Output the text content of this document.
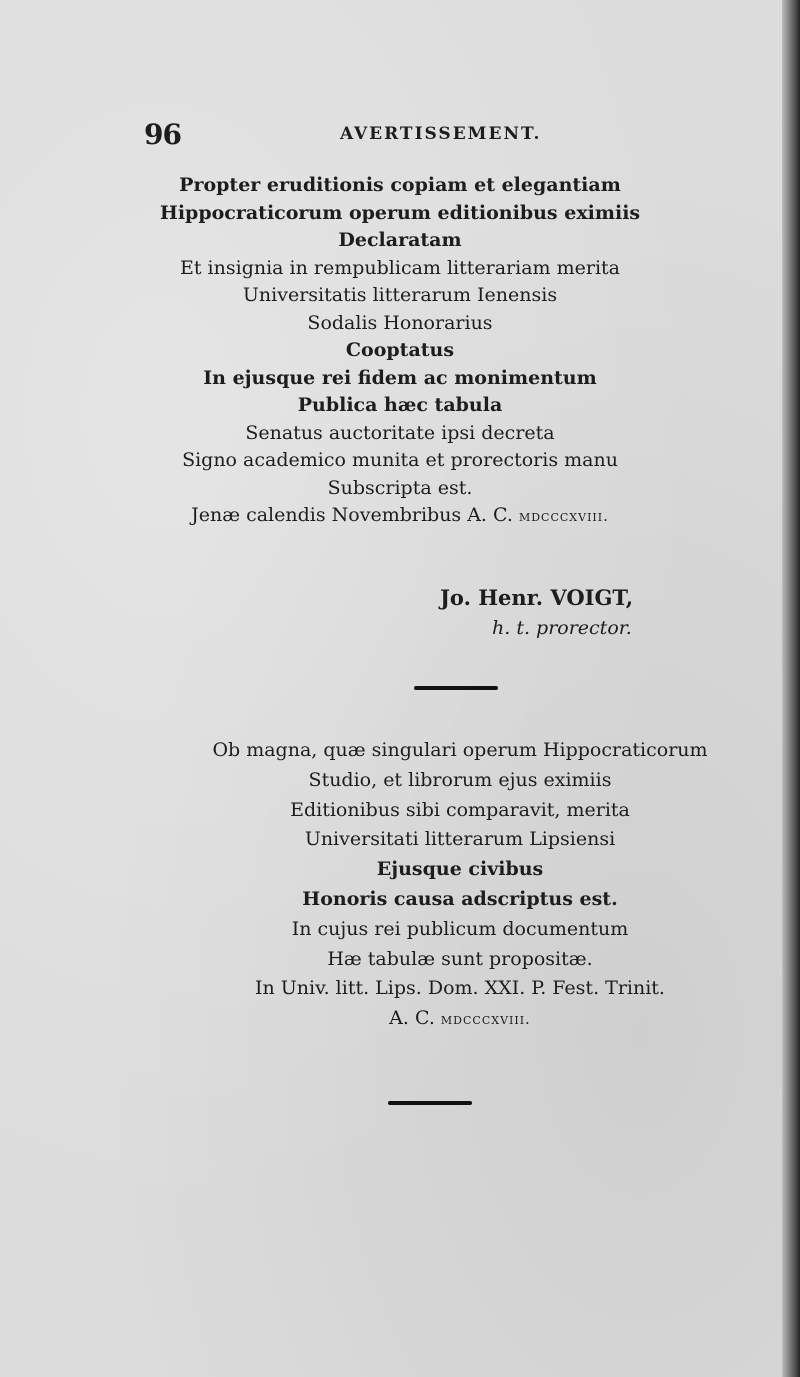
96	AVERTISSEMENT.
Propter eruditionis copiam et elegantiam
Hippocraticorum operum editionibus eximiis
Declaratam
Et insignia in rempublicam litterariam merita
Universitatis litterarum Ienensis
Sodalis Honorarius
Cooptatus
In ejusque rei fidem ac monimentum
Publica hæc tabula
Senatus auctoritate ipsi decreta
Signo academico munita et prorectoris manu
Subscripta est.
Jenæ calendis Novembribus A. C. mdcccxviii.
Jo. Henr. VOIGT,
h. t. prorector.
Ob magna, quæ singulari operum Hippocraticorum
Studio, et librorum ejus eximiis
Editionibus sibi comparavit, merita
Universitati litterarum Lipsiensi
Ejusque civibus
Honoris causa adscriptus est.
In cujus rei publicum documentum
Hæ tabulæ sunt propositæ.
In Univ. litt. Lips. Dom. XXI. P. Fest. Trinit.
A. C. mdcccxviii.
